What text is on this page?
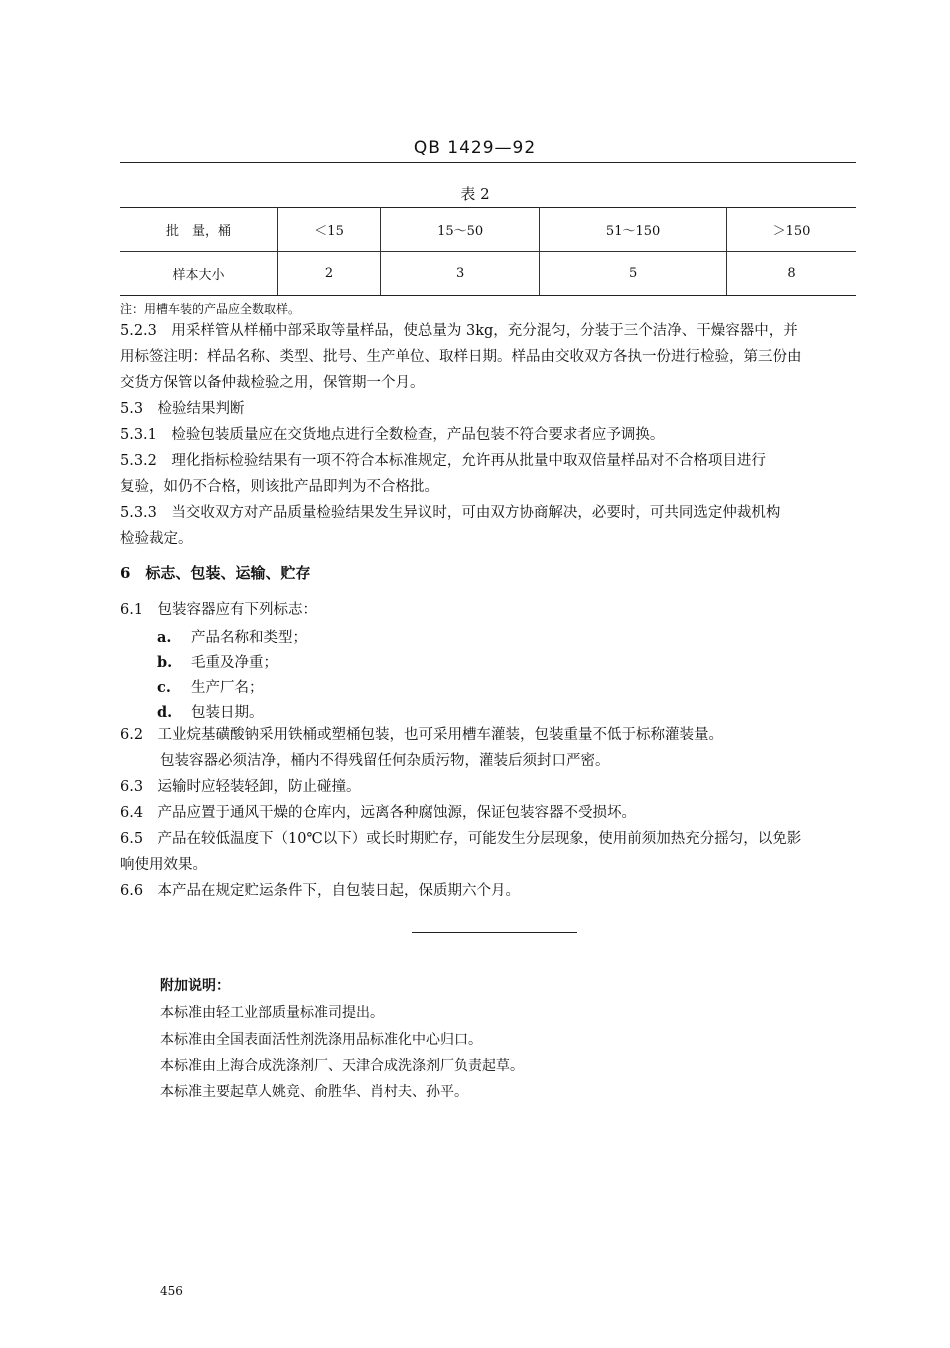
QB 1429—92
表 2
批　量，桶	＜15	15～50	51～150	＞150
样本大小	2	3	5	8
注：用槽车装的产品应全数取样。
5.2.3　用采样管从样桶中部采取等量样品，使总量为 3kg，充分混匀，分装于三个洁净、干燥容器中，并
用标签注明：样品名称、类型、批号、生产单位、取样日期。样品由交收双方各执一份进行检验，第三份由
交货方保管以备仲裁检验之用，保管期一个月。
5.3　检验结果判断
5.3.1　检验包装质量应在交货地点进行全数检查，产品包装不符合要求者应予调换。
5.3.2　理化指标检验结果有一项不符合本标准规定，允许再从批量中取双倍量样品对不合格项目进行
复验，如仍不合格，则该批产品即判为不合格批。
5.3.3　当交收双方对产品质量检验结果发生异议时，可由双方协商解决，必要时，可共同选定仲裁机构
检验裁定。
6　标志、包装、运输、贮存
6.1　包装容器应有下列标志：
a. 产品名称和类型；
b. 毛重及净重；
c. 生产厂名；
d. 包装日期。
6.2　工业烷基磺酸钠采用铁桶或塑桶包装，也可采用槽车灌装，包装重量不低于标称灌装量。
包装容器必须洁净，桶内不得残留任何杂质污物，灌装后须封口严密。
6.3　运输时应轻装轻卸，防止碰撞。
6.4　产品应置于通风干燥的仓库内，远离各种腐蚀源，保证包装容器不受损坏。
6.5　产品在较低温度下（10℃以下）或长时期贮存，可能发生分层现象，使用前须加热充分摇匀，以免影
响使用效果。
6.6　本产品在规定贮运条件下，自包装日起，保质期六个月。
附加说明：
本标准由轻工业部质量标准司提出。
本标准由全国表面活性剂洗涤用品标准化中心归口。
本标准由上海合成洗涤剂厂、天津合成洗涤剂厂负责起草。
本标准主要起草人姚竞、俞胜华、肖村夫、孙平。
456
